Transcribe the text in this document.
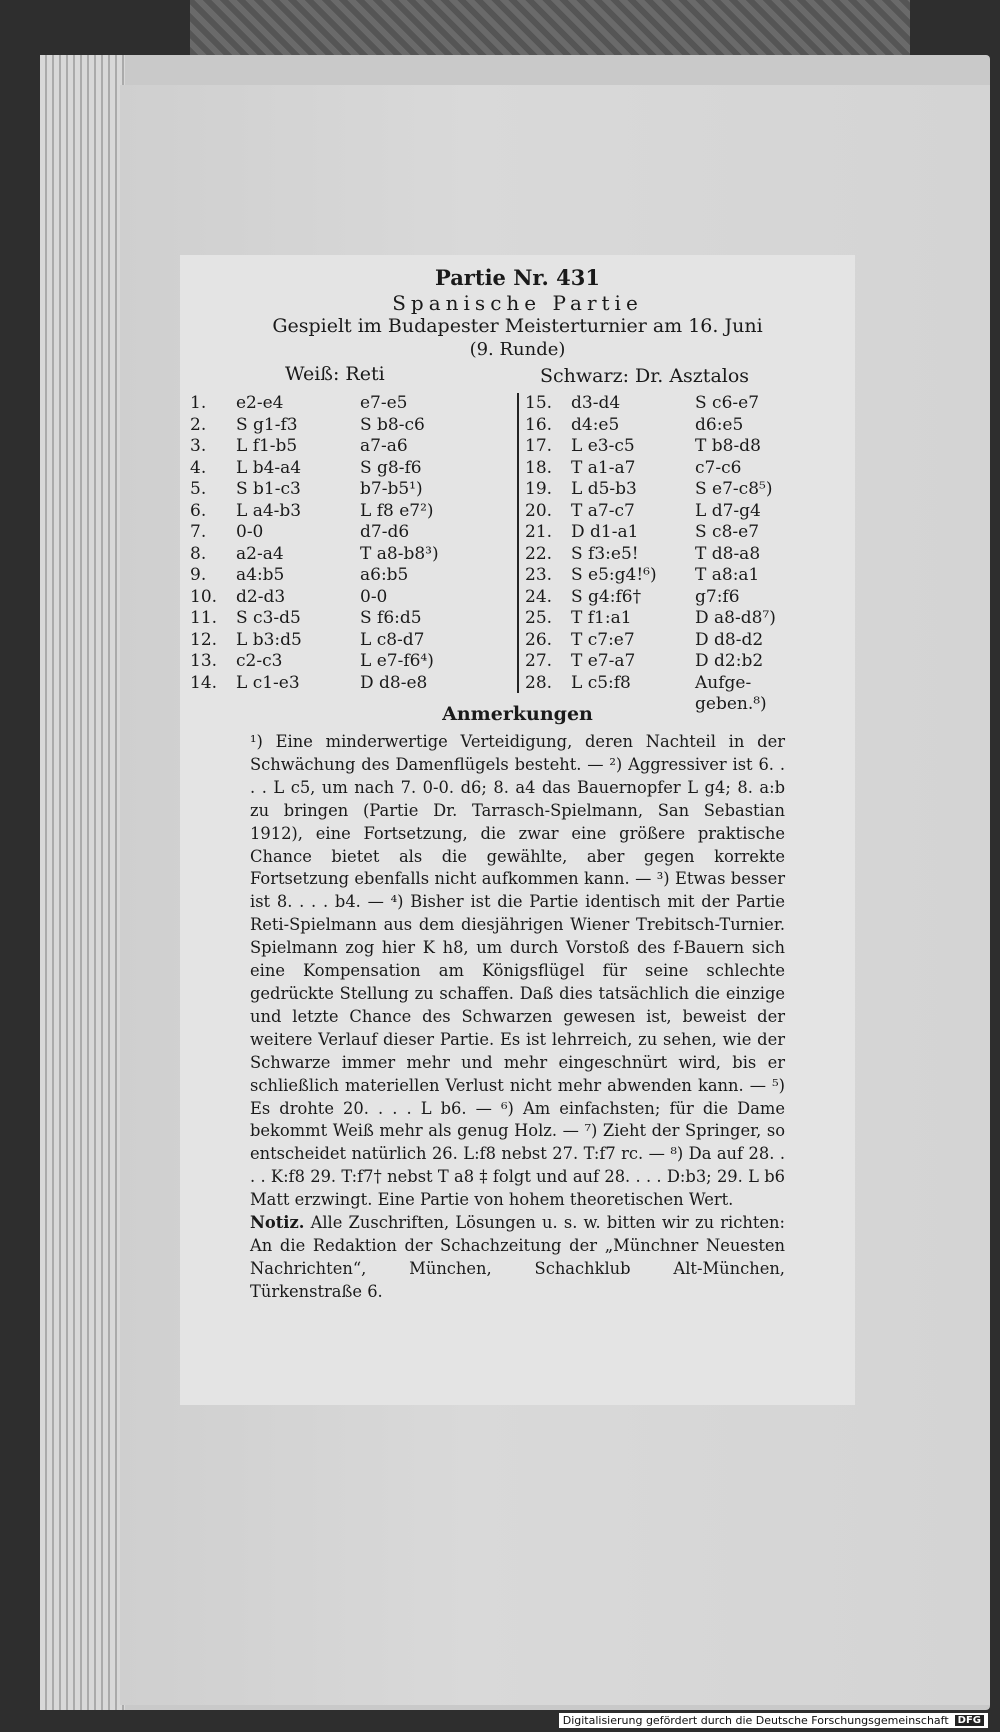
Partie Nr. 431
Spanische Partie
Gespielt im Budapester Meisterturnier am 16. Juni
(9. Runde)
Weiß: Reti	Schwarz: Dr. Asztalos
1.	e2-e4	e7-e5
2.	S g1-f3	S b8-c6
3.	L f1-b5	a7-a6
4.	L b4-a4	S g8-f6
5.	S b1-c3	b7-b5¹)
6.	L a4-b3	L f8 e7²)
7.	0-0	d7-d6
8.	a2-a4	T a8-b8³)
9.	a4:b5	a6:b5
10.	d2-d3	0-0
11.	S c3-d5	S f6:d5
12.	L b3:d5	L c8-d7
13.	c2-c3	L e7-f6⁴)
14.	L c1-e3	D d8-e8
15.	d3-d4	S c6-e7
16.	d4:e5	d6:e5
17.	L e3-c5	T b8-d8
18.	T a1-a7	c7-c6
19.	L d5-b3	S e7-c8⁵)
20.	T a7-c7	L d7-g4
21.	D d1-a1	S c8-e7
22.	S f3:e5!	T d8-a8
23.	S e5:g4!⁶)	T a8:a1
24.	S g4:f6†	g7:f6
25.	T f1:a1	D a8-d8⁷)
26.	T c7:e7	D d8-d2
27.	T e7-a7	D d2:b2
28.	L c5:f8	Aufge-
geben.⁸)
Anmerkungen

¹) Eine minderwertige Verteidigung, deren Nachteil in der Schwächung des Damenflügels besteht. — ²) Aggressiver ist 6. . . . L c5, um nach 7. 0-0. d6; 8. a4 das Bauernopfer L g4; 8. a:b zu bringen (Partie Dr. Tarrasch-Spielmann, San Sebastian 1912), eine Fortsetzung, die zwar eine größere praktische Chance bietet als die gewählte, aber gegen korrekte Fortsetzung ebenfalls nicht aufkommen kann. — ³) Etwas besser ist 8. . . . b4. — ⁴) Bisher ist die Partie identisch mit der Partie Reti-Spielmann aus dem diesjährigen Wiener Trebitsch-Turnier. Spielmann zog hier K h8, um durch Vorstoß des f-Bauern sich eine Kompensation am Königsflügel für seine schlechte gedrückte Stellung zu schaffen. Daß dies tatsächlich die einzige und letzte Chance des Schwarzen gewesen ist, beweist der weitere Verlauf dieser Partie. Es ist lehrreich, zu sehen, wie der Schwarze immer mehr und mehr eingeschnürt wird, bis er schließlich materiellen Verlust nicht mehr abwenden kann. — ⁵) Es drohte 20. . . . L b6. — ⁶) Am einfachsten; für die Dame bekommt Weiß mehr als genug Holz. — ⁷) Zieht der Springer, so entscheidet natürlich 26. L:f8 nebst 27. T:f7 rc. — ⁸) Da auf 28. . . . K:f8 29. T:f7† nebst T a8 ‡ folgt und auf 28. . . . D:b3; 29. L b6 Matt erzwingt. Eine Partie von hohem theoretischen Wert.

Notiz. Alle Zuschriften, Lösungen u. s. w. bitten wir zu richten: An die Redaktion der Schachzeitung der „Münchner Neuesten Nachrichten“, München, Schachklub Alt-München, Türkenstraße 6.

Digitalisierung gefördert durch die Deutsche Forschungsgemeinschaft DFG
